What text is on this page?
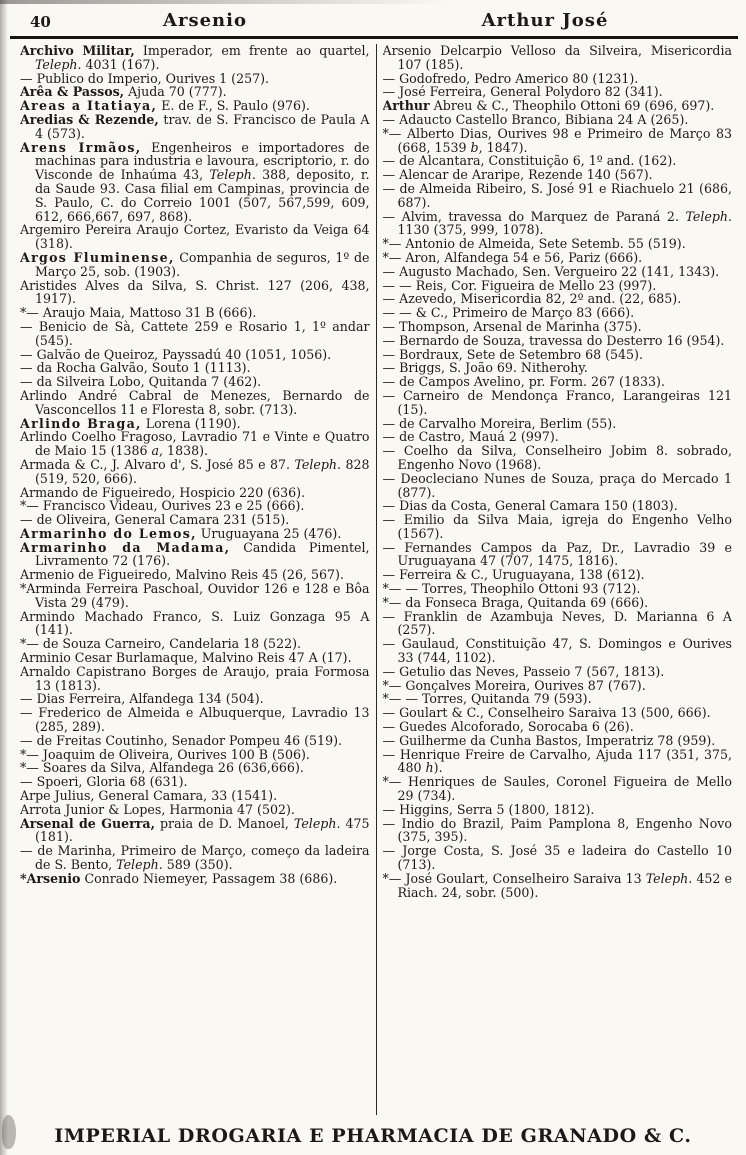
40	Arsenio	Arthur José
Archivo Militar, Imperador, em frente ao quartel, Teleph. 4031 (167).
— Publico do Imperio, Ourives 1 (257).
Arêa & Passos, Ajuda 70 (777).
Areas a Itatiaya, E. de F., S. Paulo (976).
Aredias & Rezende, trav. de S. Francisco de Paula A 4 (573).
Arens Irmãos, Engenheiros e importadores de machinas para industria e lavoura, escriptorio, r. do Visconde de Inhaúma 43, Teleph. 388, deposito, r. da Saude 93. Casa filial em Campinas, provincia de S. Paulo, C. do Correio 1001 (507, 567,599, 609, 612, 666,667, 697, 868).
Argemiro Pereira Araujo Cortez, Evaristo da Veiga 64 (318).
Argos Fluminense, Companhia de seguros, 1º de Março 25, sob. (1903).
Aristides Alves da Silva, S. Christ. 127 (206, 438, 1917).
*— Araujo Maia, Mattoso 31 B (666).
— Benicio de Sà, Cattete 259 e Rosario 1, 1º andar (545).
— Galvão de Queiroz, Payssadú 40 (1051, 1056).
— da Rocha Galvão, Souto 1 (1113).
— da Silveira Lobo, Quitanda 7 (462).
Arlindo André Cabral de Menezes, Bernardo de Vasconcellos 11 e Floresta 8, sobr. (713).
Arlindo Braga, Lorena (1190).
Arlindo Coelho Fragoso, Lavradio 71 e Vinte e Quatro de Maio 15 (1386 a, 1838).
Armada & C., J. Alvaro d', S. José 85 e 87. Teleph. 828 (519, 520, 666).
Armando de Figueiredo, Hospicio 220 (636).
*— Francisco Videau, Ourives 23 e 25 (666).
— de Oliveira, General Camara 231 (515).
Armarinho do Lemos, Uruguayana 25 (476).
Armarinho da Madama, Candida Pimentel, Livramento 72 (176).
Armenio de Figueiredo, Malvino Reis 45 (26, 567).
*Arminda Ferreira Paschoal, Ouvidor 126 e 128 e Bôa Vista 29 (479).
Armindo Machado Franco, S. Luiz Gonzaga 95 A (141).
*— de Souza Carneiro, Candelaria 18 (522).
Arminio Cesar Burlamaque, Malvino Reis 47 A (17).
Arnaldo Capistrano Borges de Araujo, praia Formosa 13 (1813).
— Dias Ferreira, Alfandega 134 (504).
— Frederico de Almeida e Albuquerque, Lavradio 13 (285, 289).
— de Freitas Coutinho, Senador Pompeu 46 (519).
*— Joaquim de Oliveira, Ourives 100 B (506).
*— Soares da Silva, Alfandega 26 (636,666).
— Spoeri, Gloria 68 (631).
Arpe Julius, General Camara, 33 (1541).
Arrota Junior & Lopes, Harmonia 47 (502).
Arsenal de Guerra, praia de D. Manoel, Teleph. 475 (181).
— de Marinha, Primeiro de Março, começo da ladeira de S. Bento, Teleph. 589 (350).
*Arsenio Conrado Niemeyer, Passagem 38 (686).
Arsenio Delcarpio Velloso da Silveira, Misericordia 107 (185).
— Godofredo, Pedro Americo 80 (1231).
— José Ferreira, General Polydoro 82 (341).
Arthur Abreu & C., Theophilo Ottoni 69 (696, 697).
— Adaucto Castello Branco, Bibiana 24 A (265).
*— Alberto Dias, Ourives 98 e Primeiro de Março 83 (668, 1539 b, 1847).
— de Alcantara, Constituição 6, 1º and. (162).
— Alencar de Araripe, Rezende 140 (567).
— de Almeida Ribeiro, S. José 91 e Riachuelo 21 (686, 687).
— Alvim, travessa do Marquez de Paraná 2. Teleph. 1130 (375, 999, 1078).
*— Antonio de Almeida, Sete Setemb. 55 (519).
*— Aron, Alfandega 54 e 56, Pariz (666).
— Augusto Machado, Sen. Vergueiro 22 (141, 1343).
— — Reis, Cor. Figueira de Mello 23 (997).
— Azevedo, Misericordia 82, 2º and. (22, 685).
— — & C., Primeiro de Março 83 (666).
— Thompson, Arsenal de Marinha (375).
— Bernardo de Souza, travessa do Desterro 16 (954).
— Bordraux, Sete de Setembro 68 (545).
— Briggs, S. João 69. Nitherohy.
— de Campos Avelino, pr. Form. 267 (1833).
— Carneiro de Mendonça Franco, Larangeiras 121 (15).
— de Carvalho Moreira, Berlim (55).
— de Castro, Mauá 2 (997).
— Coelho da Silva, Conselheiro Jobim 8. sobrado, Engenho Novo (1968).
— Deocleciano Nunes de Souza, praça do Mercado 1 (877).
— Dias da Costa, General Camara 150 (1803).
— Emilio da Silva Maia, igreja do Engenho Velho (1567).
— Fernandes Campos da Paz, Dr., Lavradio 39 e Uruguayana 47 (707, 1475, 1816).
— Ferreira & C., Uruguayana, 138 (612).
*— — Torres, Theophilo Ottoni 93 (712).
*— da Fonseca Braga, Quitanda 69 (666).
— Franklin de Azambuja Neves, D. Marianna 6 A (257).
— Gaulaud, Constituição 47, S. Domingos e Ourives 33 (744, 1102).
— Getulio das Neves, Passeio 7 (567, 1813).
*— Gonçalves Moreira, Ourives 87 (767).
*— — Torres, Quitanda 79 (593).
— Goulart & C., Conselheiro Saraiva 13 (500, 666).
— Guedes Alcoforado, Sorocaba 6 (26).
— Guilherme da Cunha Bastos, Imperatriz 78 (959).
— Henrique Freire de Carvalho, Ajuda 117 (351, 375, 480 h).
*— Henriques de Saules, Coronel Figueira de Mello 29 (734).
— Higgins, Serra 5 (1800, 1812).
— Indio do Brazil, Paim Pamplona 8, Engenho Novo (375, 395).
— Jorge Costa, S. José 35 e ladeira do Castello 10 (713).
*— José Goulart, Conselheiro Saraiva 13 Teleph. 452 e Riach. 24, sobr. (500).
IMPERIAL DROGARIA E PHARMACIA DE GRANADO & C.
